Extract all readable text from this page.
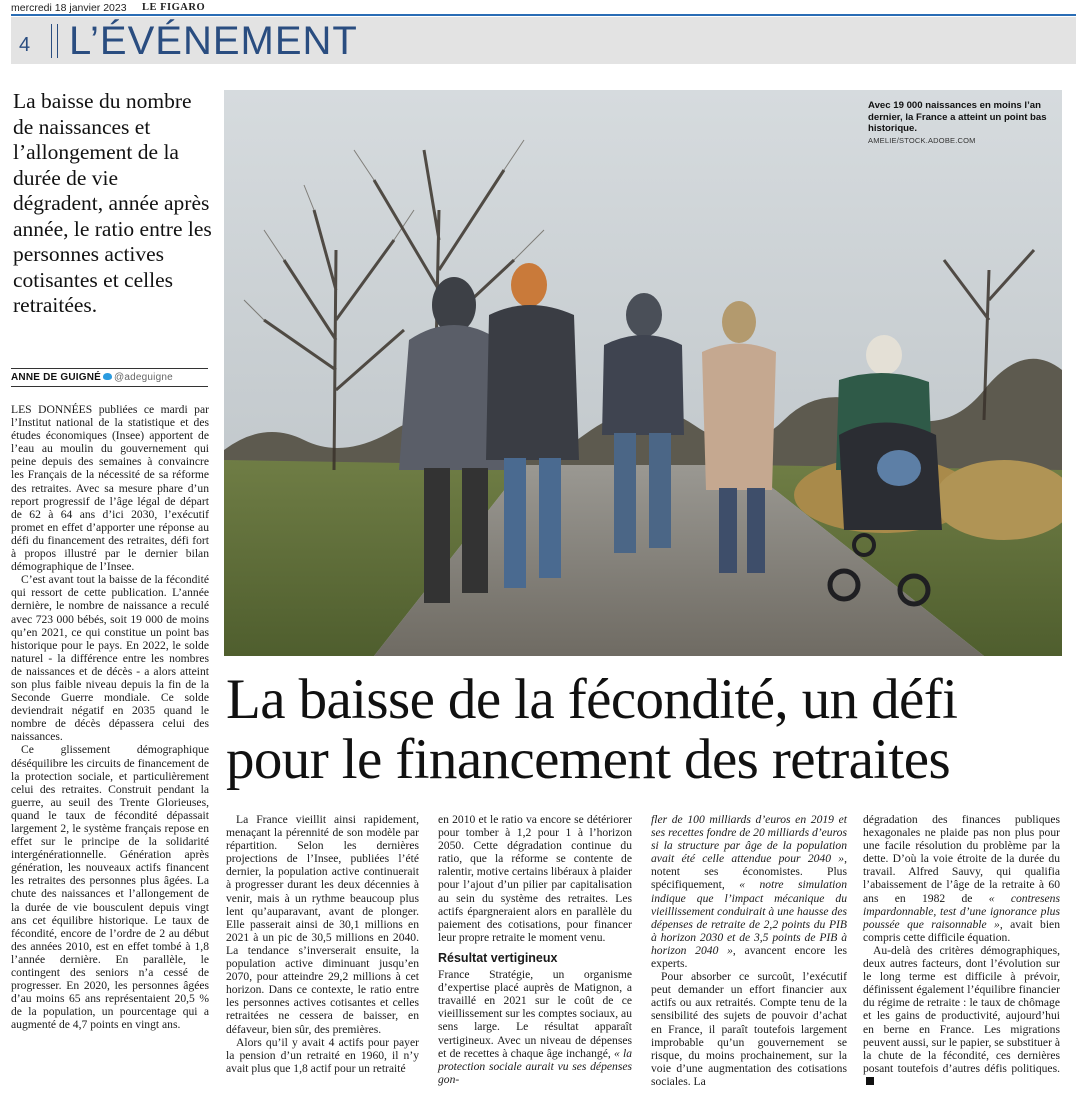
mercredi 18 janvier 2023 LE FIGARO
4 L’ÉVÉNEMENT
La baisse du nombre de naissances et l’allongement de la durée de vie dégradent, année après année, le ratio entre les personnes actives cotisantes et celles retraitées.
ANNE DE GUIGNÉ	@adeguigne

LES DONNÉES publiées ce mardi par l’Institut national de la statistique et des études économiques (Insee) apportent de l’eau au moulin du gouvernement qui peine depuis des semaines à convaincre les Français de la nécessité de sa réforme des retraites. Avec sa mesure phare d’un report progressif de l’âge légal de départ de 62 à 64 ans d’ici 2030, l’exécutif promet en effet d’apporter une réponse au défi du financement des retraites, défi fort à propos illustré par le dernier bilan démographique de l’Insee.

C’est avant tout la baisse de la fécondité qui ressort de cette publication. L’année dernière, le nombre de naissance a reculé avec 723 000 bébés, soit 19 000 de moins qu’en 2021, ce qui constitue un point bas historique pour le pays. En 2022, le solde naturel - la différence entre les nombres de naissances et de décès - a alors atteint son plus faible niveau depuis la fin de la Seconde Guerre mondiale. Ce solde deviendrait négatif en 2035 quand le nombre de décès dépassera celui des naissances.

Ce glissement démographique déséquilibre les circuits de financement de la protection sociale, et particulièrement celui des retraites. Construit pendant la guerre, au seuil des Trente Glorieuses, quand le taux de fécondité dépassait largement 2, le système français repose en effet sur le principe de la solidarité intergénérationnelle. Génération après génération, les nouveaux actifs financent les retraites des personnes plus âgées. La chute des naissances et l’allongement de la durée de vie bousculent depuis vingt ans cet équilibre historique. Le taux de fécondité, encore de l’ordre de 2 au début des années 2010, est en effet tombé à 1,8 l’année dernière. En parallèle, le contingent des seniors n’a cessé de progresser. En 2020, les personnes âgées d’au moins 65 ans représentaient 20,5 % de la population, un pourcentage qui a augmenté de 4,7 points en vingt ans.

Avec 19 000 naissances en moins l’an dernier, la France a atteint un point bas historique.
AMELIE/STOCK.ADOBE.COM
La baisse de la fécondité, un défi pour le financement des retraites

La France vieillit ainsi rapidement, menaçant la pérennité de son modèle par répartition. Selon les dernières projections de l’Insee, publiées l’été dernier, la population active continuerait à progresser durant les deux décennies à venir, mais à un rythme beaucoup plus lent qu’auparavant, avant de plonger. Elle passerait ainsi de 30,1 millions en 2021 à un pic de 30,5 millions en 2040. La tendance s’inverserait ensuite, la population active diminuant jusqu’en 2070, pour atteindre 29,2 millions à cet horizon. Dans ce contexte, le ratio entre les personnes actives cotisantes et celles retraitées ne cessera de baisser, en défaveur, bien sûr, des premières.

Alors qu’il y avait 4 actifs pour payer la pension d’un retraité en 1960, il n’y avait plus que 1,8 actif pour un retraité

en 2010 et le ratio va encore se détériorer pour tomber à 1,2 pour 1 à l’horizon 2050. Cette dégradation continue du ratio, que la réforme se contente de ralentir, motive certains libéraux à plaider pour l’ajout d’un pilier par capitalisation au sein du système des retraites. Les actifs épargneraient alors en parallèle du paiement des cotisations, pour financer leur propre retraite le moment venu.

Résultat vertigineux

France Stratégie, un organisme d’expertise placé auprès de Matignon, a travaillé en 2021 sur le coût de ce vieillissement sur les comptes sociaux, au sens large. Le résultat apparaît vertigineux. Avec un niveau de dépenses et de recettes à chaque âge inchangé, « la protection sociale aurait vu ses dépenses gon-

fler de 100 milliards d’euros en 2019 et ses recettes fondre de 20 milliards d’euros si la structure par âge de la population avait été celle attendue pour 2040 », notent ses économistes. Plus spécifiquement, « notre simulation indique que l’impact mécanique du vieillissement conduirait à une hausse des dépenses de retraite de 2,2 points du PIB à horizon 2030 et de 3,5 points de PIB à horizon 2040 », avancent encore les experts.

Pour absorber ce surcoût, l’exécutif peut demander un effort financier aux actifs ou aux retraités. Compte tenu de la sensibilité des sujets de pouvoir d’achat en France, il paraît toutefois largement improbable qu’un gouvernement se risque, du moins prochainement, sur la voie d’une augmentation des cotisations sociales. La

dégradation des finances publiques hexagonales ne plaide pas non plus pour une facile résolution du problème par la dette. D’où la voie étroite de la durée du travail. Alfred Sauvy, qui qualifia l’abaissement de l’âge de la retraite à 60 ans en 1982 de « contresens impardonnable, test d’une ignorance plus poussée que raisonnable », avait bien compris cette difficile équation.

Au-delà des critères démographiques, deux autres facteurs, dont l’évolution sur le long terme est difficile à prévoir, définissent également l’équilibre financier du régime de retraite : le taux de chômage et les gains de productivité, aujourd’hui en berne en France. Les migrations peuvent aussi, sur le papier, se substituer à la chute de la fécondité, ces dernières posant toutefois d’autres défis politiques.
